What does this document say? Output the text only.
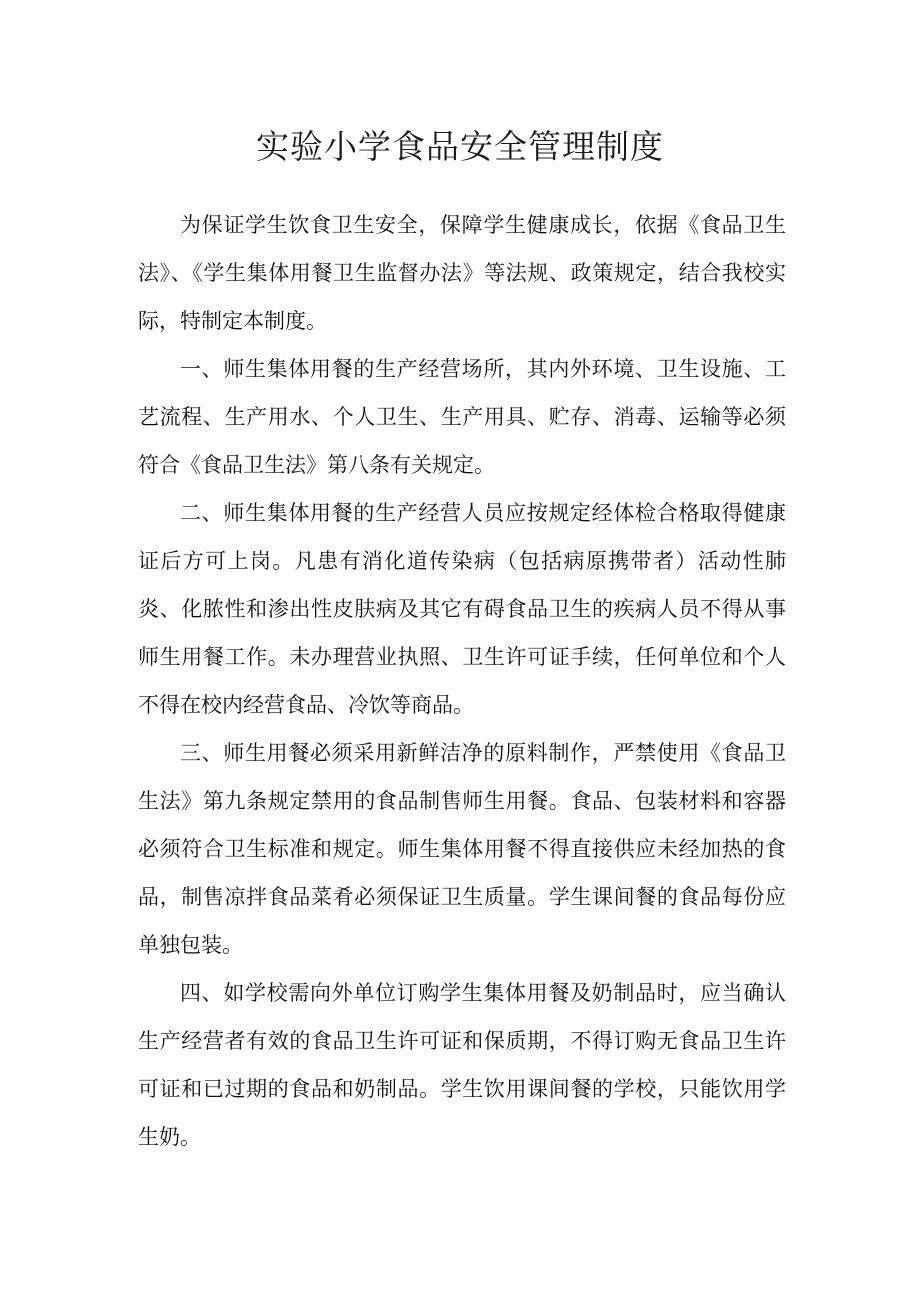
实验小学食品安全管理制度

为保证学生饮食卫生安全，保障学生健康成长，依据《食品卫生法》、《学生集体用餐卫生监督办法》等法规、政策规定，结合我校实际，特制定本制度。

一、师生集体用餐的生产经营场所，其内外环境、卫生设施、工艺流程、生产用水、个人卫生、生产用具、贮存、消毒、运输等必须符合《食品卫生法》第八条有关规定。

二、师生集体用餐的生产经营人员应按规定经体检合格取得健康证后方可上岗。凡患有消化道传染病（包括病原携带者）活动性肺炎、化脓性和渗出性皮肤病及其它有碍食品卫生的疾病人员不得从事师生用餐工作。未办理营业执照、卫生许可证手续，任何单位和个人不得在校内经营食品、冷饮等商品。

三、师生用餐必须采用新鲜洁净的原料制作，严禁使用《食品卫生法》第九条规定禁用的食品制售师生用餐。食品、包装材料和容器必须符合卫生标准和规定。师生集体用餐不得直接供应未经加热的食品，制售凉拌食品菜肴必须保证卫生质量。学生课间餐的食品每份应单独包装。

四、如学校需向外单位订购学生集体用餐及奶制品时，应当确认生产经营者有效的食品卫生许可证和保质期，不得订购无食品卫生许可证和已过期的食品和奶制品。学生饮用课间餐的学校，只能饮用学生奶。
